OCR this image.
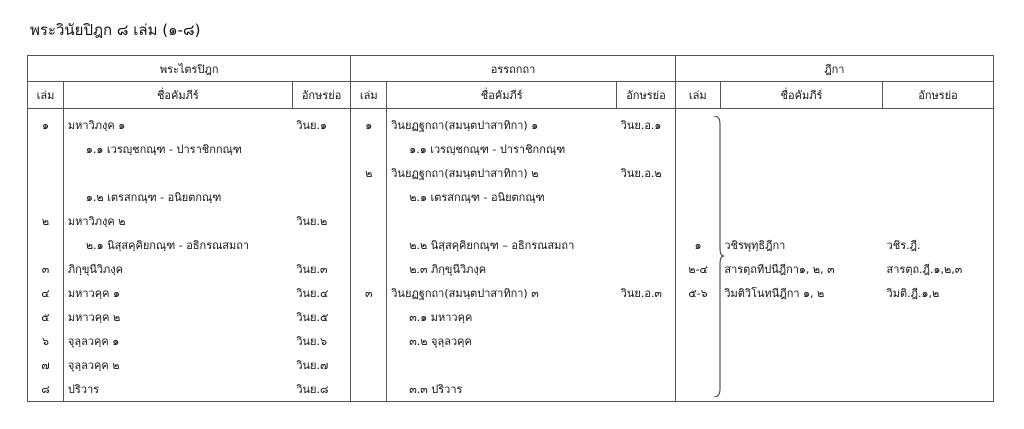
พระวินัยปิฎก ๘ เล่ม (๑-๘)
พระไตรปิฎก			อรรถกถา			ฎีกา		
เล่ม	ชื่อคัมภีร์	อักษรย่อ	เล่ม	ชื่อคัมภีร์	อักษรย่อ	เล่ม	ชื่อคัมภีร์	อักษรย่อ
๑	มหาวิภงฺค ๑	วินย.๑	๑	วินยฏฐกถา(สมนฺตปาสาทิกา) ๑	วินย.อ.๑			
	๑.๑ เวรญฺชกณฺฑ - ปาราชิกกณฺฑ			๑.๑ เวรญฺชกณฺฑ - ปาราชิกกณฺฑ				
			๒	วินยฏฐกถา(สมนฺตปาสาทิกา) ๒	วินย.อ.๒			
	๑.๒ เตรสกณฺฑ - อนิยตกณฺฑ			๒.๑ เตรสกณฺฑ - อนิยตกณฺฑ				
๒	มหาวิภงฺค ๒	วินย.๒						
	๒.๑ นิสฺสคฺคิยกณฺฑ - อธิกรณสมถา			๒.๒ นิสฺสคฺคิยกณฺฑ – อธิกรณสมถา		๑	วชิรพุทฺธิฎีกา	วชิร.ฎี.
๓	ภิกฺขุนีวิภงฺค	วินย.๓		๒.๓ ภิกฺขุนีวิภงฺค		๒-๔	สารตฺถทีปนีฎีกา๑, ๒, ๓	สารตฺถ.ฎี.๑,๒,๓
๔	มหาวคฺค ๑	วินย.๔	๓	วินยฏฐกถา(สมนฺตปาสาทิกา) ๓	วินย.อ.๓	๕-๖	วิมติวิโนทนีฎีกา ๑, ๒	วิมติ.ฎี.๑,๒
๕	มหาวคฺค ๒	วินย.๕		๓.๑ มหาวคฺค				
๖	จุลฺลวคฺค ๑	วินย.๖		๓.๒ จุลฺลวคฺค				
๗	จุลฺลวคฺค ๒	วินย.๗						
๘	ปริวาร	วินย.๘		๓.๓ ปริวาร				
